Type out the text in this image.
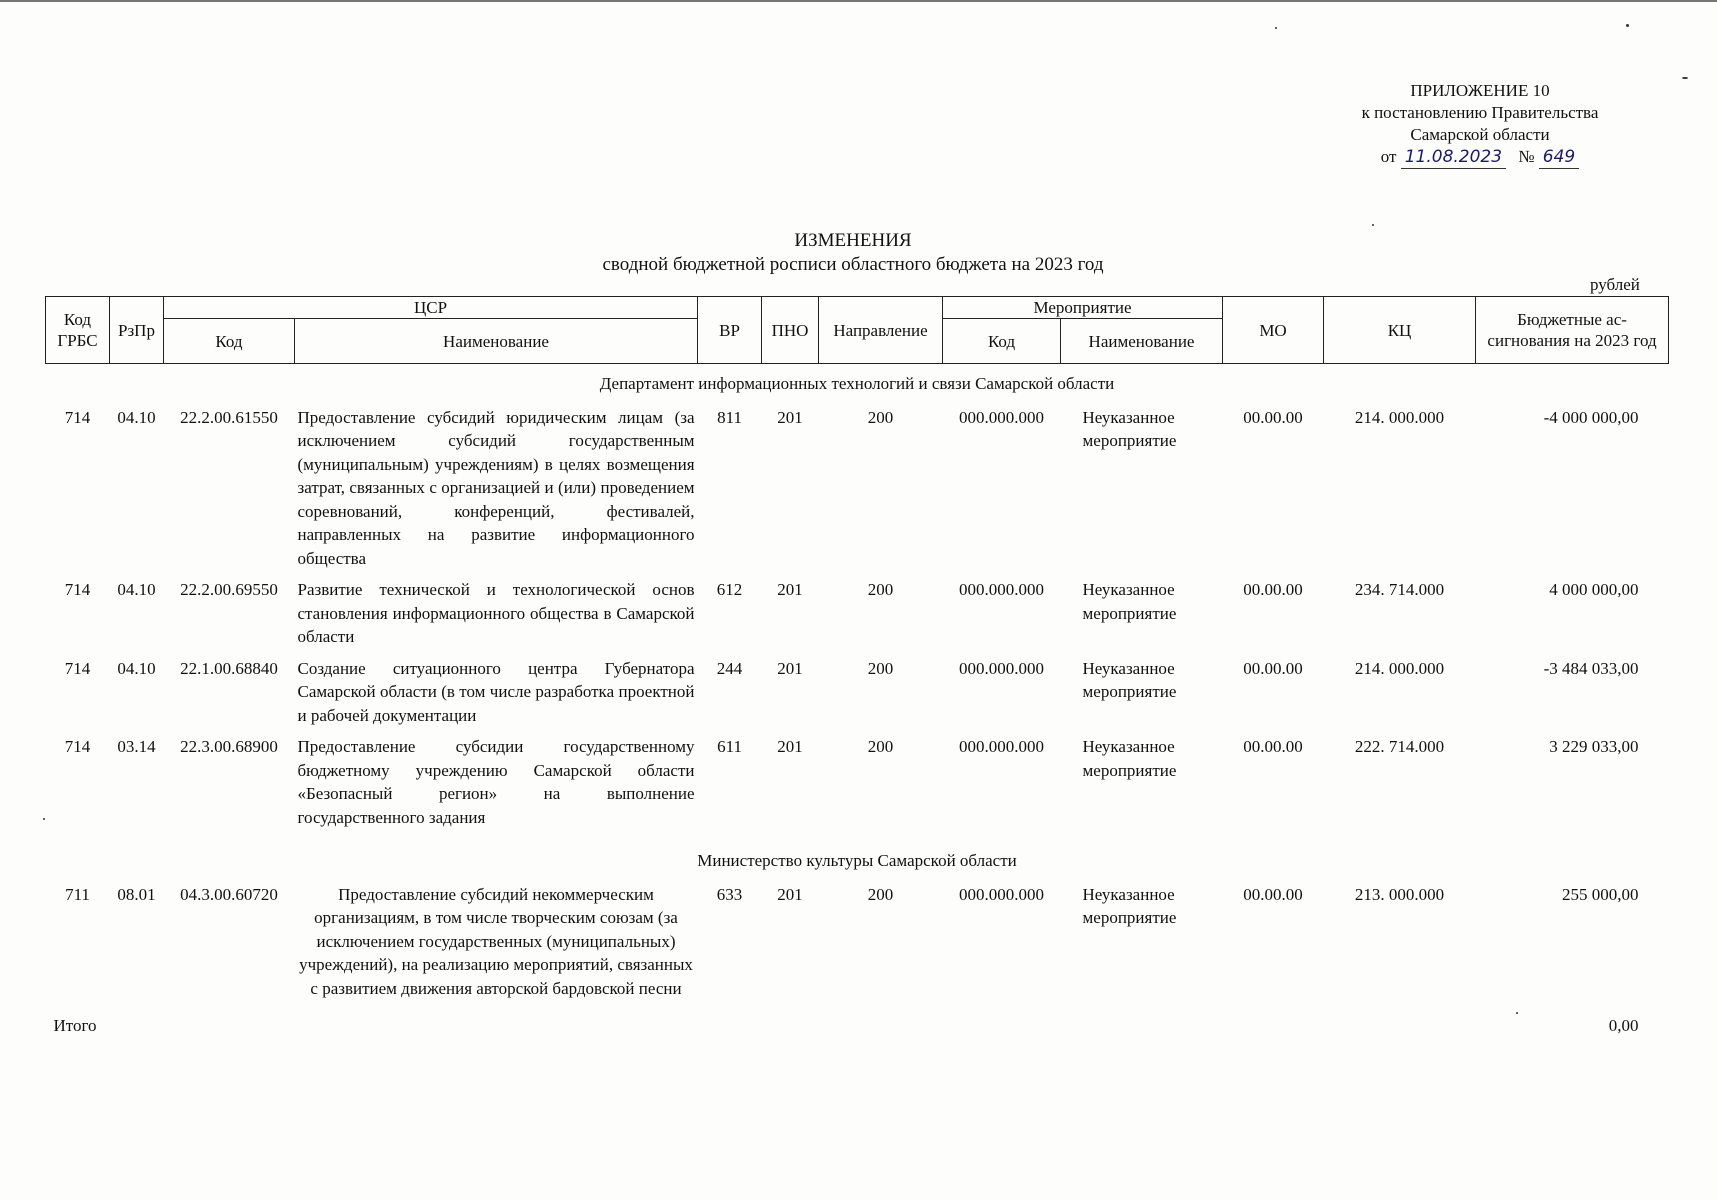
ПРИЛОЖЕНИЕ 10
к постановлению Правительства
Самарской области
от 11.08.2023 № 649
ИЗМЕНЕНИЯ
сводной бюджетной росписи областного бюджета на 2023 год
рублей
Код ГРБС	РзПр	ЦСР		ВР	ПНО	Направление	Мероприятие		МО	КЦ	Бюджетные ас-сигнования на 2023 год
		Код	Наименование				Код	Наименование			
Департамент информационных технологий и связи Самарской области											
714	04.10	22.2.00.61550	Предоставление субсидий юридическим лицам (за исключением субсидий государственным (муниципальным) учреждениям) в целях возмещения затрат, связанных с организацией и (или) проведением соревнований, конференций, фестивалей, направленных на развитие информационного общества	811	201	200	000.000.000	Неуказанное мероприятие	00.00.00	214. 000.000	-4 000 000,00
714	04.10	22.2.00.69550	Развитие технической и технологической основ становления информационного общества в Самарской области	612	201	200	000.000.000	Неуказанное мероприятие	00.00.00	234. 714.000	4 000 000,00
714	04.10	22.1.00.68840	Создание ситуационного центра Губернатора Самарской области (в том числе разработка проектной и рабочей документации	244	201	200	000.000.000	Неуказанное мероприятие	00.00.00	214. 000.000	-3 484 033,00
714	03.14	22.3.00.68900	Предоставление субсидии государственному бюджетному учреждению Самарской области «Безопасный регион» на выполнение государственного задания	611	201	200	000.000.000	Неуказанное мероприятие	00.00.00	222. 714.000	3 229 033,00
Министерство культуры Самарской области											
711	08.01	04.3.00.60720	Предоставление субсидий некоммерческим организациям, в том числе творческим союзам (за исключением государственных (муниципальных) учреждений), на реализацию мероприятий, связанных с развитием движения авторской бардовской песни	633	201	200	000.000.000	Неуказанное мероприятие	00.00.00	213. 000.000	255 000,00
Итого											0,00
